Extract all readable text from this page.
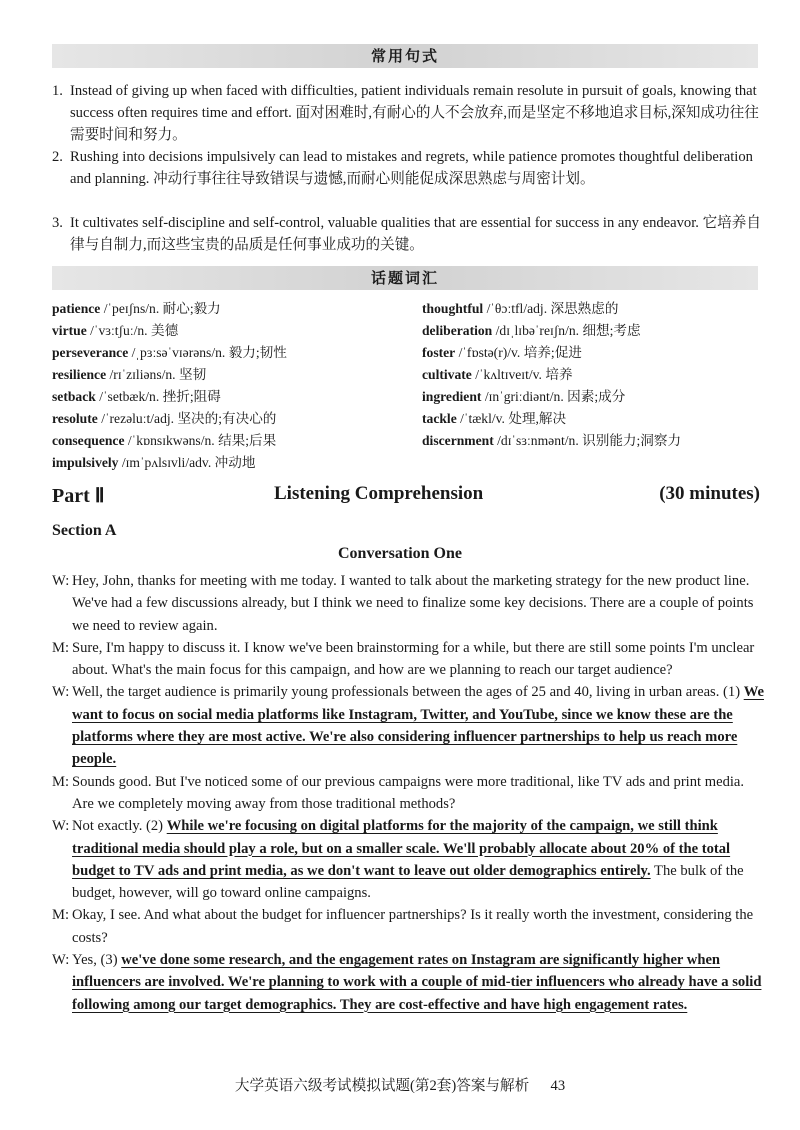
常用句式
1. Instead of giving up when faced with difficulties, patient individuals remain resolute in pursuit of goals, knowing that success often requires time and effort. 面对困难时,有耐心的人不会放弃,而是坚定不移地追求目标,深知成功往往需要时间和努力。
2. Rushing into decisions impulsively can lead to mistakes and regrets, while patience promotes thoughtful deliberation and planning. 冲动行事往往导致错误与遗憾,而耐心则能促成深思熟虑与周密计划。
3. It cultivates self-discipline and self-control, valuable qualities that are essential for success in any endeavor. 它培养自律与自制力,而这些宝贵的品质是任何事业成功的关键。
话题词汇
patience /ˈpeɪʃns/n. 耐心;毅力
virtue /ˈvɜːtʃuː/n. 美德
perseverance /ˌpɜːsəˈvɪərəns/n. 毅力;韧性
resilience /rɪˈzɪliəns/n. 坚韧
setback /ˈsetbæk/n. 挫折;阻碍
resolute /ˈrezəluːt/adj. 坚决的;有决心的
consequence /ˈkɒnsɪkwəns/n. 结果;后果
impulsively /ɪmˈpʌlsɪvli/adv. 冲动地
thoughtful /ˈθɔːtfl/adj. 深思熟虑的
deliberation /dɪˌlɪbəˈreɪʃn/n. 细想;考虑
foster /ˈfɒstə(r)/v. 培养;促进
cultivate /ˈkʌltɪveɪt/v. 培养
ingredient /ɪnˈgriːdiənt/n. 因素;成分
tackle /ˈtækl/v. 处理,解决
discernment /dɪˈsɜːnmənt/n. 识别能力;洞察力
Part Ⅱ	Listening Comprehension	(30 minutes)
Section A
Conversation One
W: Hey, John, thanks for meeting with me today. I wanted to talk about the marketing strategy for the new product line. We've had a few discussions already, but I think we need to finalize some key decisions. There are a couple of points we need to review again.
M: Sure, I'm happy to discuss it. I know we've been brainstorming for a while, but there are still some points I'm unclear about. What's the main focus for this campaign, and how are we planning to reach our target audience?
W: Well, the target audience is primarily young professionals between the ages of 25 and 40, living in urban areas. (1) We want to focus on social media platforms like Instagram, Twitter, and YouTube, since we know these are the platforms where they are most active. We're also considering influencer partnerships to help us reach more people.
M: Sounds good. But I've noticed some of our previous campaigns were more traditional, like TV ads and print media. Are we completely moving away from those traditional methods?
W: Not exactly. (2) While we're focusing on digital platforms for the majority of the campaign, we still think traditional media should play a role, but on a smaller scale. We'll probably allocate about 20% of the total budget to TV ads and print media, as we don't want to leave out older demographics entirely. The bulk of the budget, however, will go toward online campaigns.
M: Okay, I see. And what about the budget for influencer partnerships? Is it really worth the investment, considering the costs?
W: Yes, (3) we've done some research, and the engagement rates on Instagram are significantly higher when influencers are involved. We're planning to work with a couple of mid-tier influencers who already have a solid following among our target demographics. They are cost-effective and have high engagement rates.
大学英语六级考试模拟试题(第2套)答案与解析 43
